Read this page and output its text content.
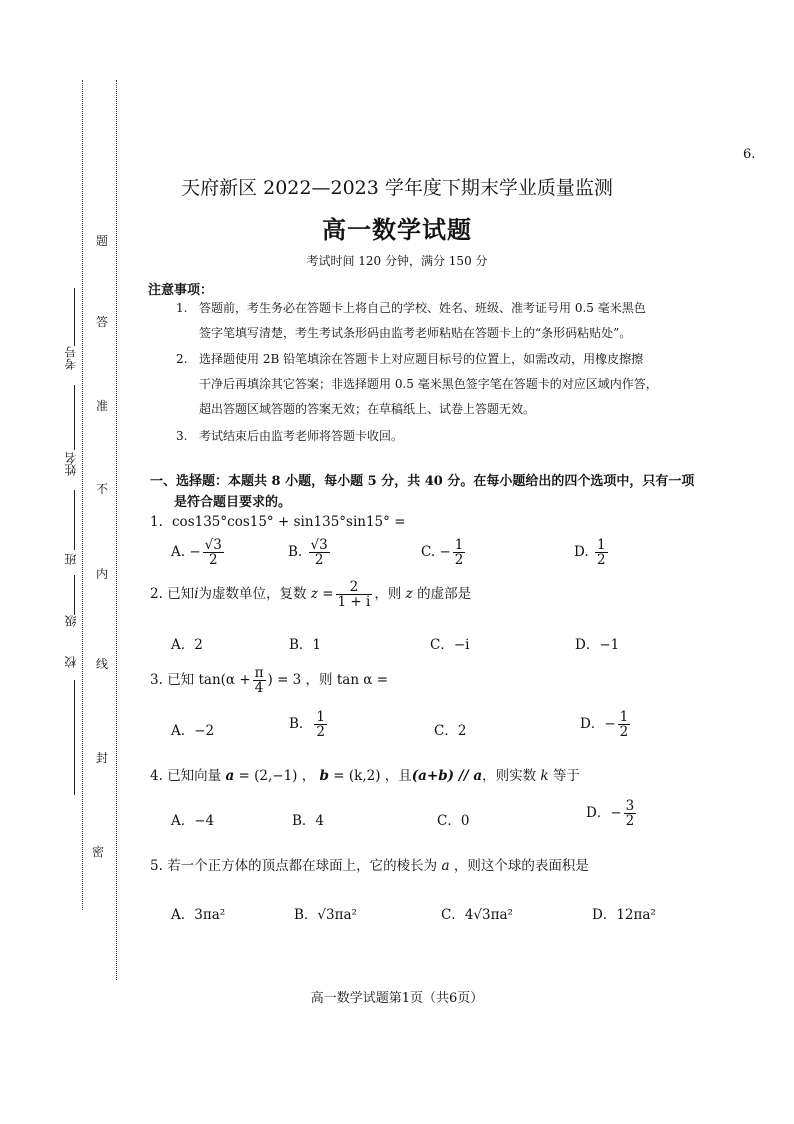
6.
考号
姓名
班
级
校
题
答
准
不
内
线
封
密
天府新区 2022—2023 学年度下期末学业质量监测
高一数学试题
考试时间 120 分钟，满分 150 分
注意事项：
1. 答题前，考生务必在答题卡上将自己的学校、姓名、班级、准考证号用 0.5 毫米黑色
签字笔填写清楚，考生考试条形码由监考老师粘贴在答题卡上的“条形码粘贴处”。
2. 选择题使用 2B 铅笔填涂在答题卡上对应题目标号的位置上，如需改动，用橡皮擦擦
干净后再填涂其它答案；非选择题用 0.5 毫米黑色签字笔在答题卡的对应区域内作答，
超出答题区域答题的答案无效；在草稿纸上、试卷上答题无效。
3. 考试结束后由监考老师将答题卡收回。
一、选择题：本题共 8 小题，每小题 5 分，共 40 分。在每小题给出的四个选项中，只有一项
是符合题目要求的。
1. cos135°cos15° + sin135°sin15° =
A. − $\frac{√3}{2}$	B. $\frac{√3}{2}$	C. − $\frac{1}{2}$	D. $\frac{1}{2}$
2. 已知i为虚数单位，复数 $z = \frac{2}{1 + i}$ ，则 z 的虚部是
A．2	B．1	C．−i	D．−1
3. 已知 $\tan(\alpha + \frac{\pi}{4}$ ) = 3 ，则 tan α =
A．−2	B． $\frac{1}{2}$	C．2	D．− $\frac{1}{2}$
4. 已知向量 a = (2,−1) ， b = (k,2) ，且(a+b) // a，则实数 k 等于
A．−4	B．4	C．0	D．− $\frac{3}{2}$
5. 若一个正方体的顶点都在球面上，它的棱长为 a ，则这个球的表面积是
A．3πa²	B．√3πa²	C．4√3πa²	D．12πa²
高一数学试题第1页（共6页）
